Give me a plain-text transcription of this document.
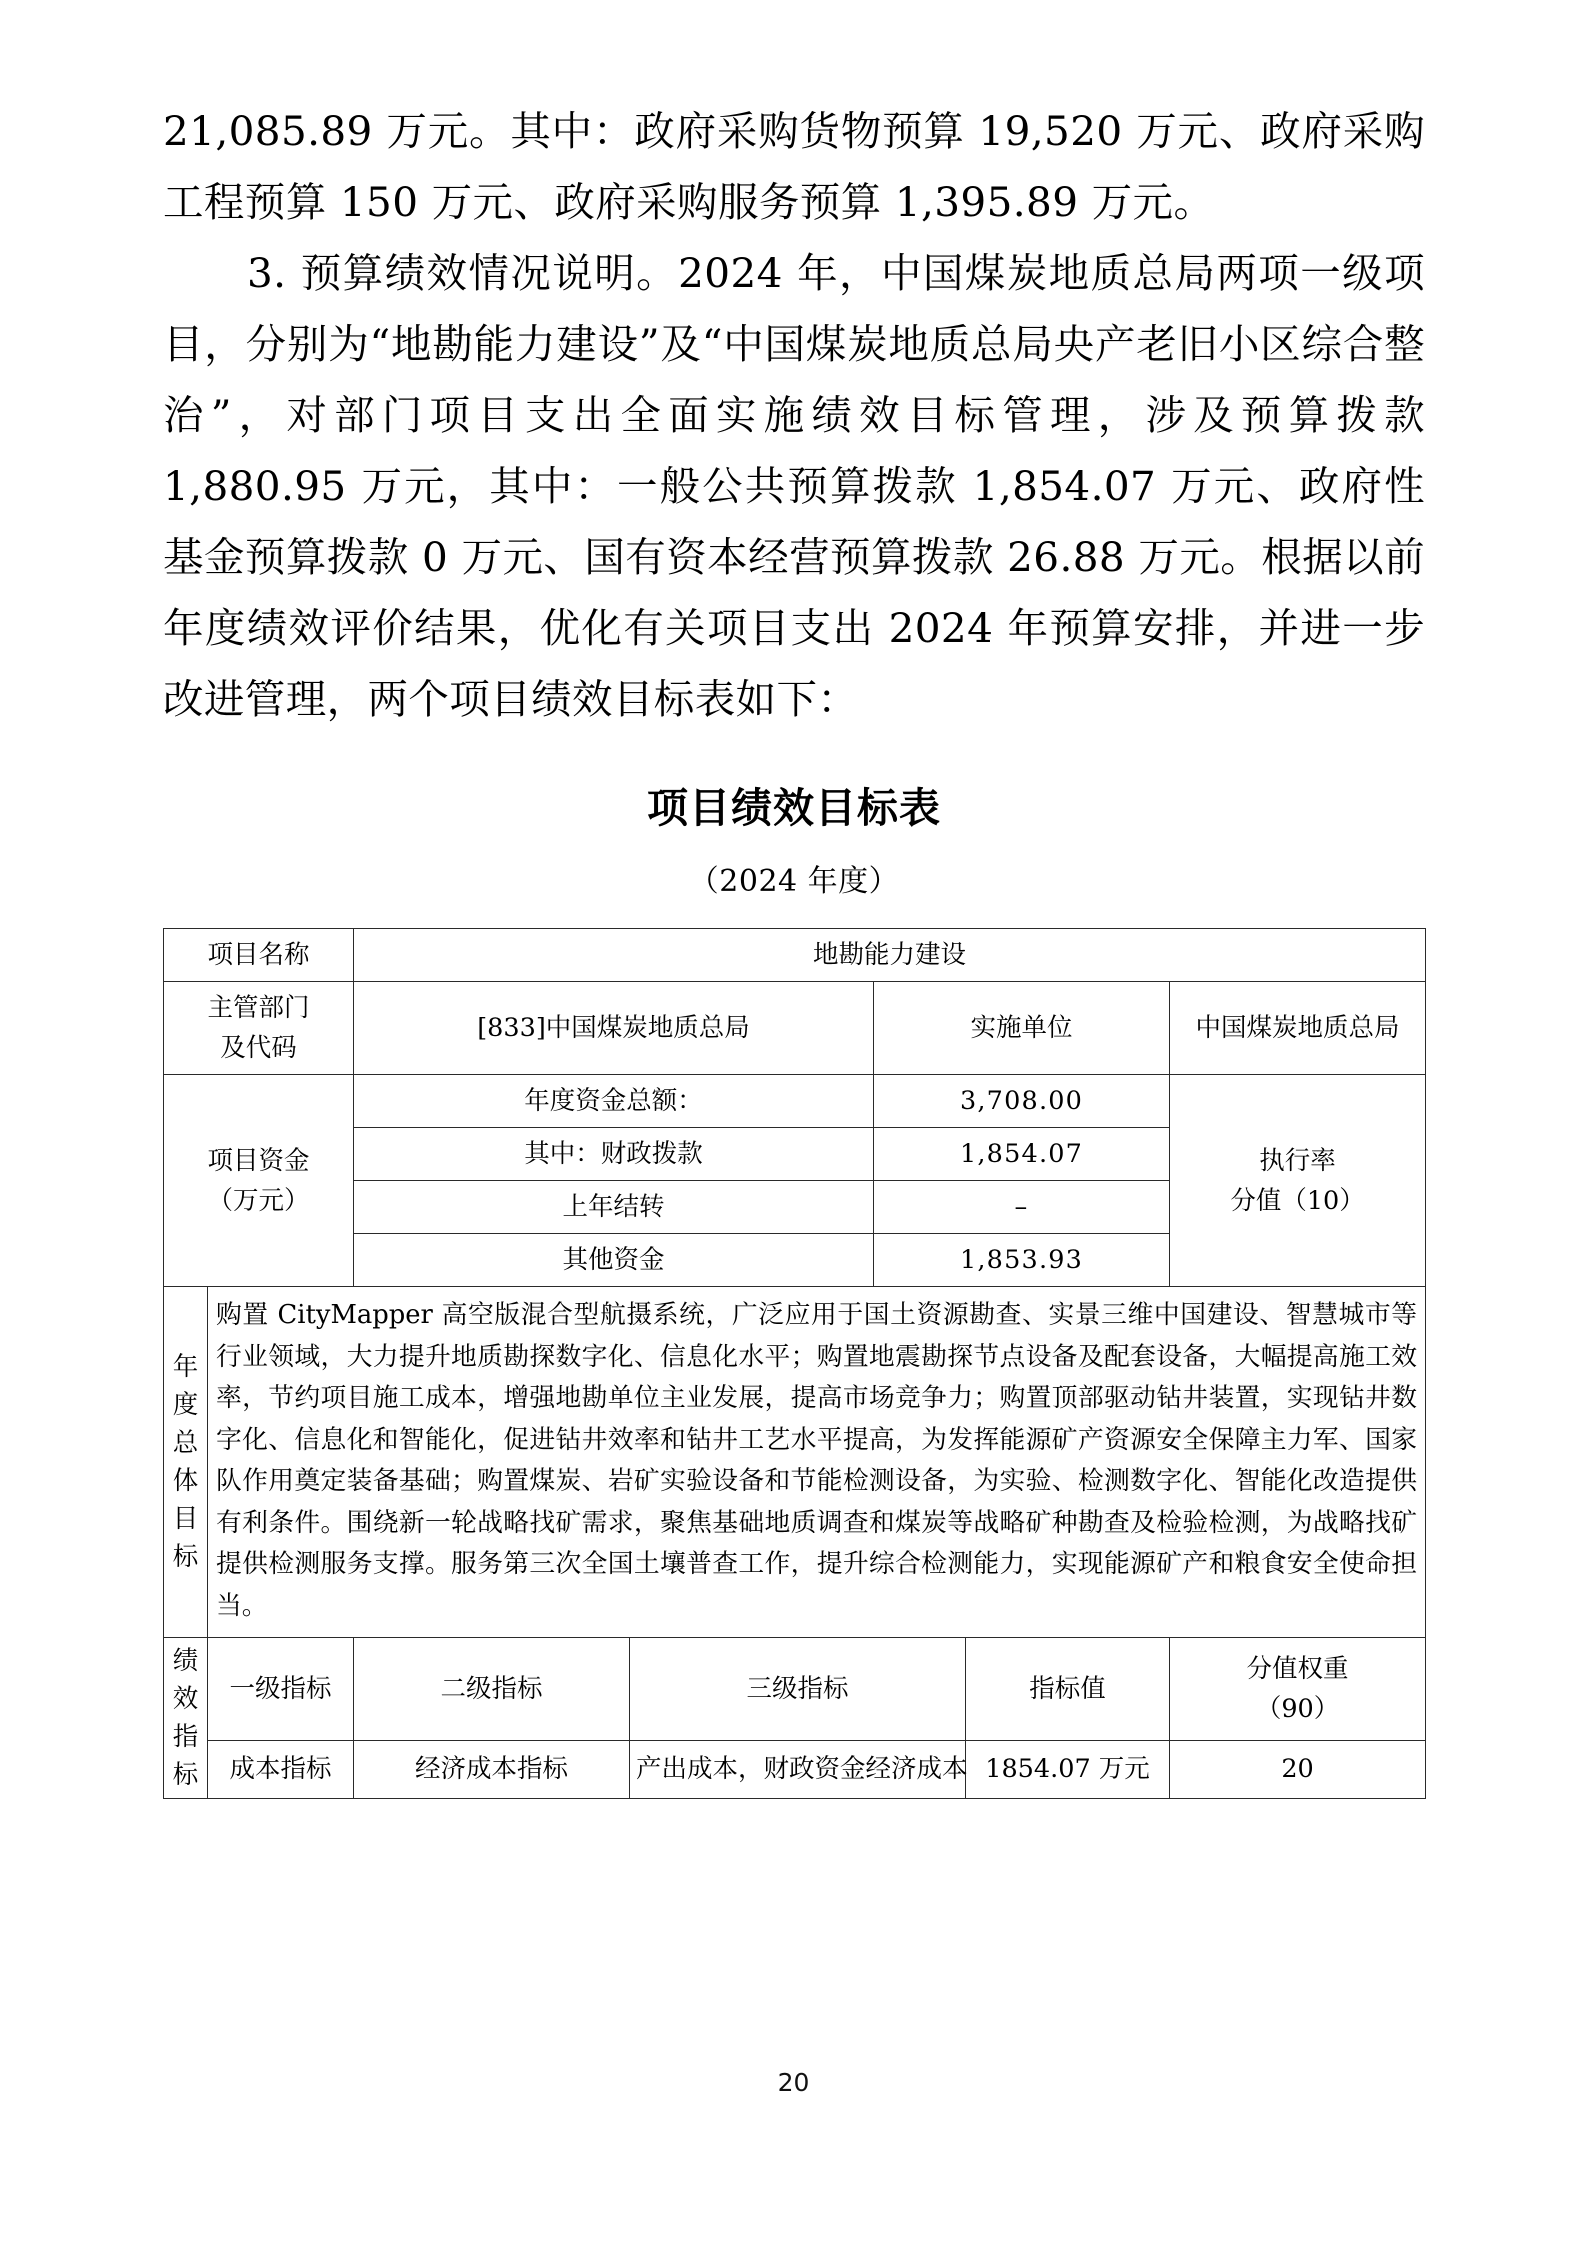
21,085.89 万元。其中：政府采购货物预算 19,520 万元、政府采购工程预算 150 万元、政府采购服务预算 1,395.89 万元。

3. 预算绩效情况说明。2024 年，中国煤炭地质总局两项一级项目，分别为“地勘能力建设”及“中国煤炭地质总局央产老旧小区综合整治”，对部门项目支出全面实施绩效目标管理，涉及预算拨款 1,880.95 万元，其中：一般公共预算拨款 1,854.07 万元、政府性基金预算拨款 0 万元、国有资本经营预算拨款 26.88 万元。根据以前年度绩效评价结果，优化有关项目支出 2024 年预算安排，并进一步改进管理，两个项目绩效目标表如下：

项目绩效目标表
（2024 年度）
项目名称		地勘能力建设				
主管部门
及代码		[833]中国煤炭地质总局		实施单位		中国煤炭地质总局
项目资金
（万元）		年度资金总额：		3,708.00		执行率
分值（10）
		其中：财政拨款		1,854.07		
		上年结转		–		
		其他资金		1,853.93		

年度总体目标	购置 CityMapper 高空版混合型航摄系统，广泛应用于国土资源勘查、实景三维中国建设、智慧城市等行业领域，大力提升地质勘探数字化、信息化水平；购置地震勘探节点设备及配套设备，大幅提高施工效率，节约项目施工成本，增强地勘单位主业发展，提高市场竞争力；购置顶部驱动钻井装置，实现钻井数字化、信息化和智能化，促进钻井效率和钻井工艺水平提高，为发挥能源矿产资源安全保障主力军、国家队作用奠定装备基础；购置煤炭、岩矿实验设备和节能检测设备，为实验、检测数字化、智能化改造提供有利条件。围绕新一轮战略找矿需求，聚焦基础地质调查和煤炭等战略矿种勘查及检验检测，为战略找矿提供检测服务支撑。服务第三次全国土壤普查工作，提升综合检测能力，实现能源矿产和粮食安全使命担当。					

绩效指标	一级指标	二级指标	三级指标		指标值	分值权重
（90）
	成本指标	经济成本指标	产出成本，财政资金经济成本		1854.07 万元	20
20
